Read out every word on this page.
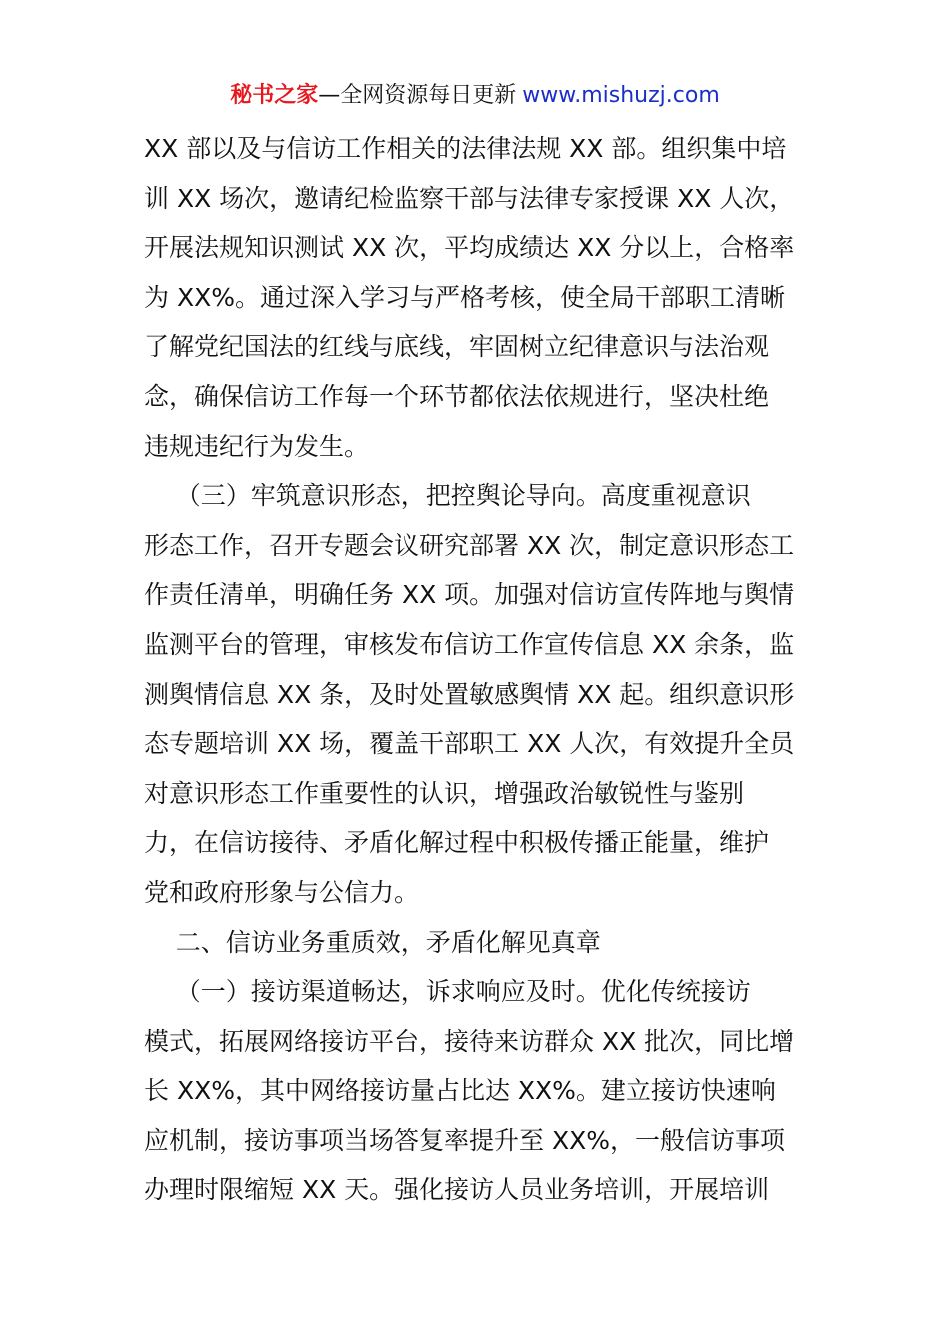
秘书之家—全网资源每日更新 www.mishuzj.com
XX 部以及与信访工作相关的法律法规 XX 部。组织集中培
训 XX 场次，邀请纪检监察干部与法律专家授课 XX 人次，
开展法规知识测试 XX 次，平均成绩达 XX 分以上，合格率
为 XX%。通过深入学习与严格考核，使全局干部职工清晰
了解党纪国法的红线与底线，牢固树立纪律意识与法治观
念，确保信访工作每一个环节都依法依规进行，坚决杜绝
违规违纪行为发生。
（三）牢筑意识形态，把控舆论导向。高度重视意识
形态工作，召开专题会议研究部署 XX 次，制定意识形态工
作责任清单，明确任务 XX 项。加强对信访宣传阵地与舆情
监测平台的管理，审核发布信访工作宣传信息 XX 余条，监
测舆情信息 XX 条，及时处置敏感舆情 XX 起。组织意识形
态专题培训 XX 场，覆盖干部职工 XX 人次，有效提升全员
对意识形态工作重要性的认识，增强政治敏锐性与鉴别
力，在信访接待、矛盾化解过程中积极传播正能量，维护
党和政府形象与公信力。
二、信访业务重质效，矛盾化解见真章
（一）接访渠道畅达，诉求响应及时。优化传统接访
模式，拓展网络接访平台，接待来访群众 XX 批次，同比增
长 XX%，其中网络接访量占比达 XX%。建立接访快速响
应机制，接访事项当场答复率提升至 XX%，一般信访事项
办理时限缩短 XX 天。强化接访人员业务培训，开展培训
